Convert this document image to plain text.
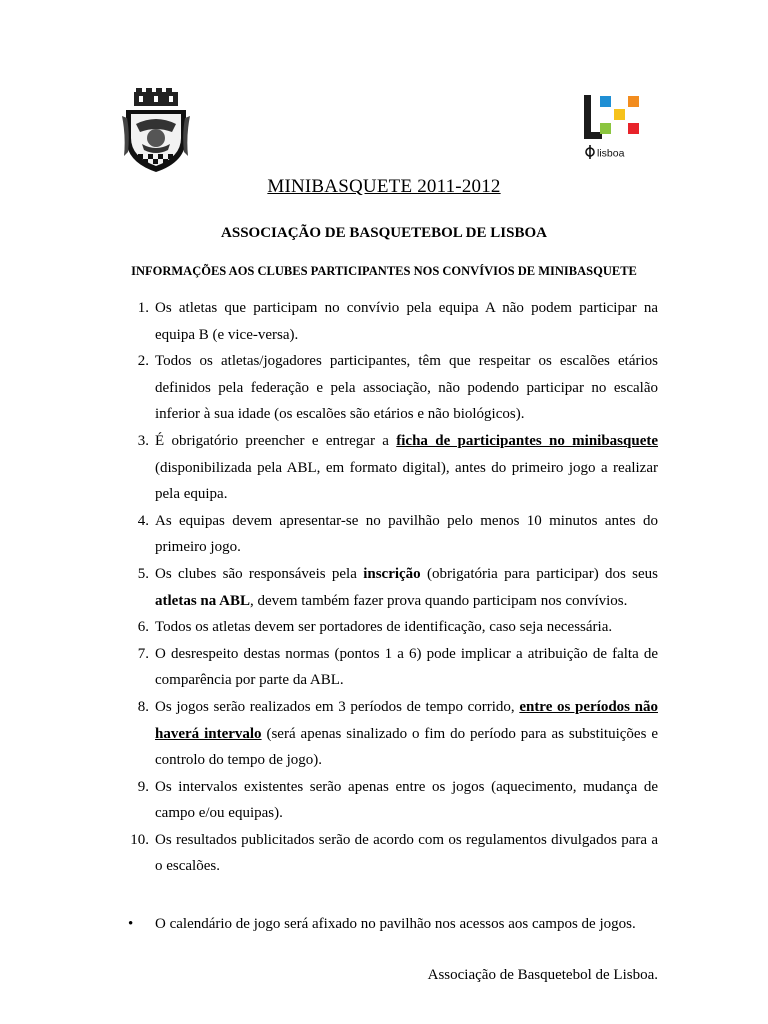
lisboa
MINIBASQUETE 2011-2012
ASSOCIAÇÃO DE BASQUETEBOL DE LISBOA
INFORMAÇÕES AOS CLUBES PARTICIPANTES NOS CONVÍVIOS DE MINIBASQUETE
1. Os atletas que participam no convívio pela equipa A não podem participar na equipa B (e vice-versa).
2. Todos os atletas/jogadores participantes, têm que respeitar os escalões etários definidos pela federação e pela associação, não podendo participar no escalão inferior à sua idade (os escalões são etários e não biológicos).
3. É obrigatório preencher e entregar a ficha de participantes no minibasquete (disponibilizada pela ABL, em formato digital), antes do primeiro jogo a realizar pela equipa.
4. As equipas devem apresentar-se no pavilhão pelo menos 10 minutos antes do primeiro jogo.
5. Os clubes são responsáveis pela inscrição (obrigatória para participar) dos seus atletas na ABL, devem também fazer prova quando participam nos convívios.
6. Todos os atletas devem ser portadores de identificação, caso seja necessária.
7. O desrespeito destas normas (pontos 1 a 6) pode implicar a atribuição de falta de comparência por parte da ABL.
8. Os jogos serão realizados em 3 períodos de tempo corrido, entre os períodos não haverá intervalo (será apenas sinalizado o fim do período para as substituições e controlo do tempo de jogo).
9. Os intervalos existentes serão apenas entre os jogos (aquecimento, mudança de campo e/ou equipas).
10. Os resultados publicitados serão de acordo com os regulamentos divulgados para a o escalões.
•	O calendário de jogo será afixado no pavilhão nos acessos aos campos de jogos.
Associação de Basquetebol de Lisboa.
